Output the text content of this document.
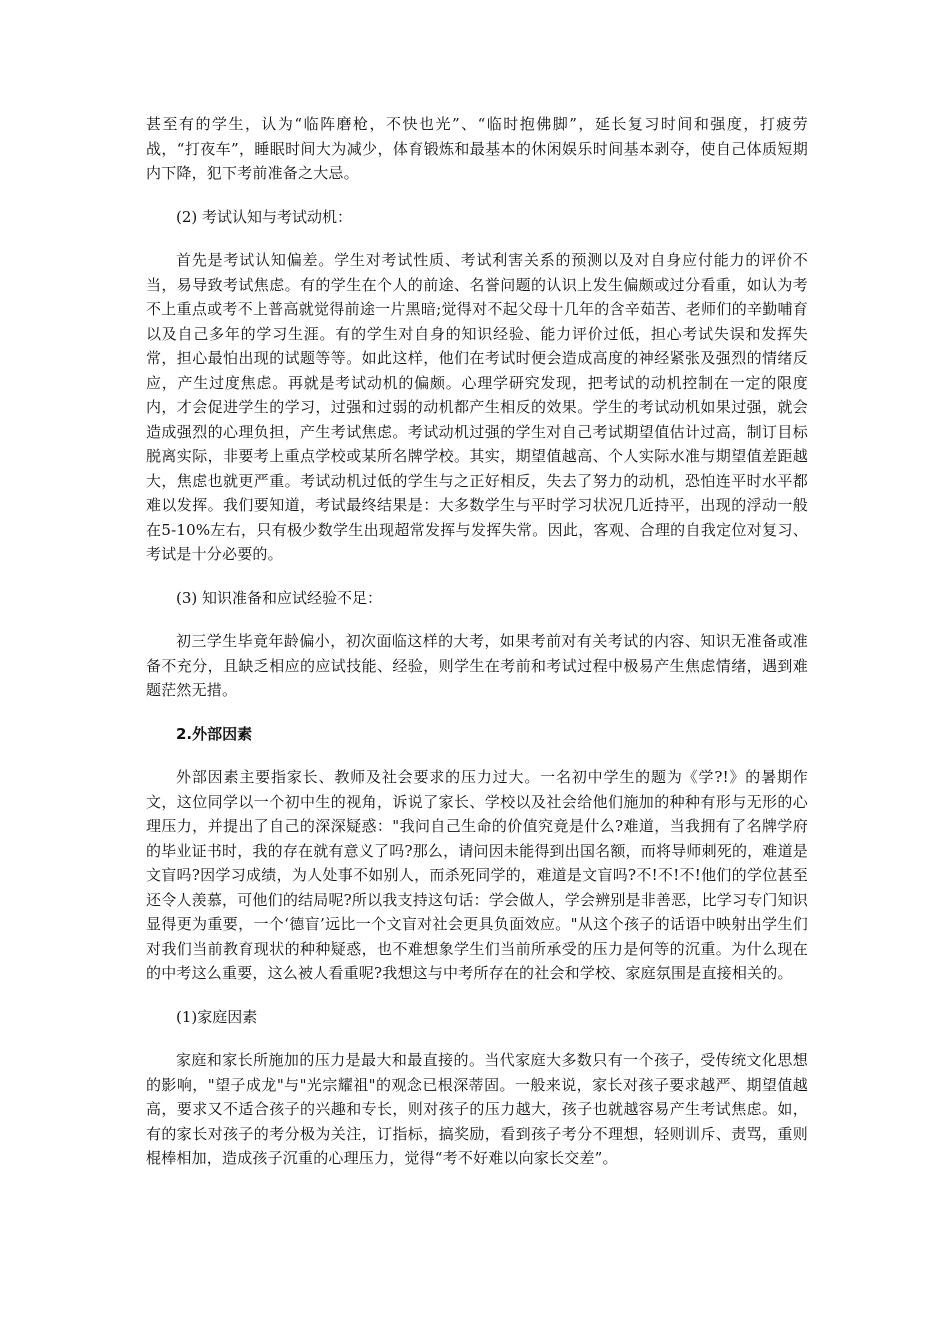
甚至有的学生，认为“临阵磨枪，不快也光”、“临时抱佛脚”，延长复习时间和强度，打疲劳战，“打夜车”，睡眠时间大为减少，体育锻炼和最基本的休闲娱乐时间基本剥夺，使自己体质短期内下降，犯下考前准备之大忌。

(2) 考试认知与考试动机：

首先是考试认知偏差。学生对考试性质、考试利害关系的预测以及对自身应付能力的评价不当，易导致考试焦虑。有的学生在个人的前途、名誉问题的认识上发生偏颇或过分看重，如认为考不上重点或考不上普高就觉得前途一片黑暗;觉得对不起父母十几年的含辛茹苦、老师们的辛勤哺育以及自己多年的学习生涯。有的学生对自身的知识经验、能力评价过低，担心考试失误和发挥失常，担心最怕出现的试题等等。如此这样，他们在考试时便会造成高度的神经紧张及强烈的情绪反应，产生过度焦虑。再就是考试动机的偏颇。心理学研究发现，把考试的动机控制在一定的限度内，才会促进学生的学习，过强和过弱的动机都产生相反的效果。学生的考试动机如果过强，就会造成强烈的心理负担，产生考试焦虑。考试动机过强的学生对自己考试期望值估计过高，制订目标脱离实际，非要考上重点学校或某所名牌学校。其实，期望值越高、个人实际水准与期望值差距越大，焦虑也就更严重。考试动机过低的学生与之正好相反，失去了努力的动机，恐怕连平时水平都难以发挥。我们要知道，考试最终结果是：大多数学生与平时学习状况几近持平，出现的浮动一般在5-10%左右，只有极少数学生出现超常发挥与发挥失常。因此，客观、合理的自我定位对复习、考试是十分必要的。

(3) 知识准备和应试经验不足：

初三学生毕竟年龄偏小，初次面临这样的大考，如果考前对有关考试的内容、知识无准备或准备不充分，且缺乏相应的应试技能、经验，则学生在考前和考试过程中极易产生焦虑情绪，遇到难题茫然无措。

2.外部因素

外部因素主要指家长、教师及社会要求的压力过大。一名初中学生的题为《学?!》的暑期作文，这位同学以一个初中生的视角，诉说了家长、学校以及社会给他们施加的种种有形与无形的心理压力，并提出了自己的深深疑惑："我问自己生命的价值究竟是什么?难道，当我拥有了名牌学府的毕业证书时，我的存在就有意义了吗?那么，请问因未能得到出国名额，而将导师刺死的，难道是文盲吗?因学习成绩，为人处事不如别人，而杀死同学的，难道是文盲吗?不!不!不!他们的学位甚至还令人羡慕，可他们的结局呢?所以我支持这句话：学会做人，学会辨别是非善恶，比学习专门知识显得更为重要，一个‘德盲’远比一个文盲对社会更具负面效应。"从这个孩子的话语中映射出学生们对我们当前教育现状的种种疑惑，也不难想象学生们当前所承受的压力是何等的沉重。为什么现在的中考这么重要，这么被人看重呢?我想这与中考所存在的社会和学校、家庭氛围是直接相关的。

(1)家庭因素

家庭和家长所施加的压力是最大和最直接的。当代家庭大多数只有一个孩子，受传统文化思想的影响，"望子成龙"与"光宗耀祖"的观念已根深蒂固。一般来说，家长对孩子要求越严、期望值越高，要求又不适合孩子的兴趣和专长，则对孩子的压力越大，孩子也就越容易产生考试焦虑。如，有的家长对孩子的考分极为关注，订指标，搞奖励，看到孩子考分不理想，轻则训斥、责骂，重则棍棒相加，造成孩子沉重的心理压力，觉得“考不好难以向家长交差”。
